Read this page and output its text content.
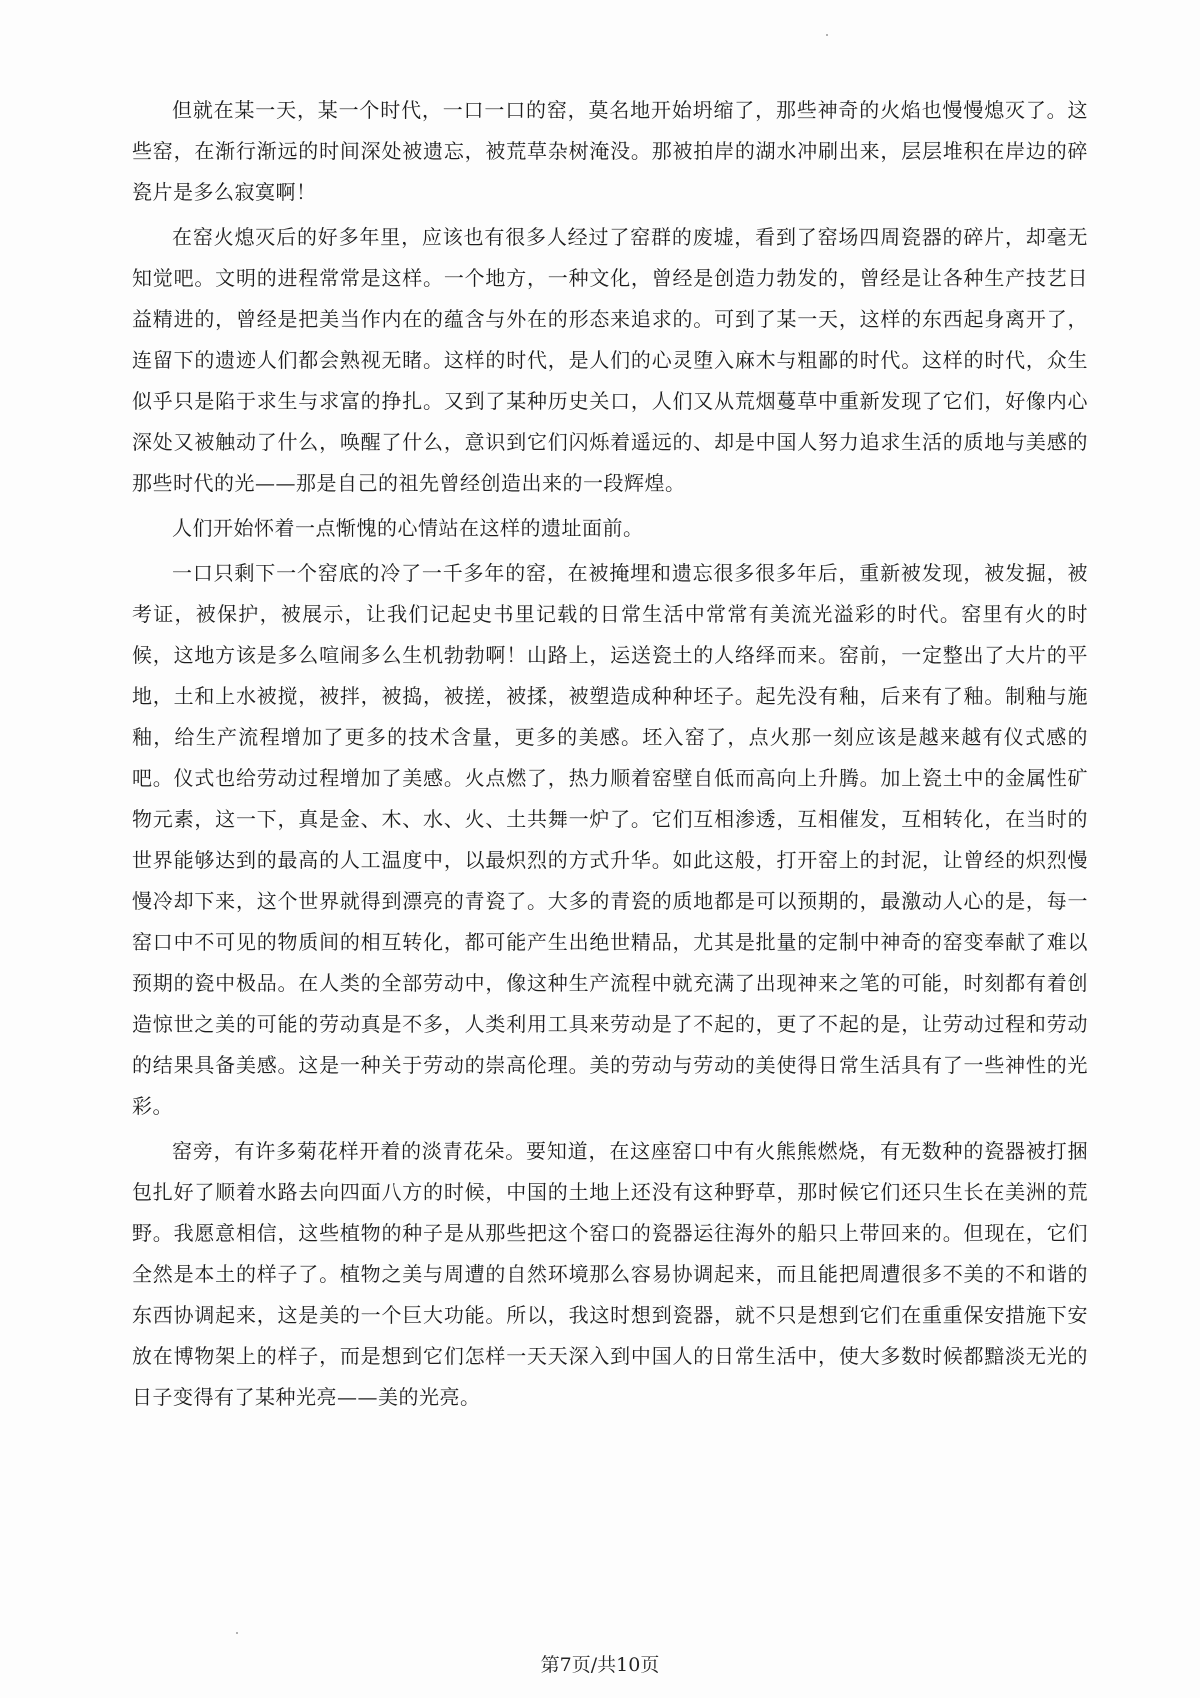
但就在某一天，某一个时代，一口一口的窑，莫名地开始坍缩了，那些神奇的火焰也慢慢熄灭了。这些窑，在渐行渐远的时间深处被遗忘，被荒草杂树淹没。那被拍岸的湖水冲刷出来，层层堆积在岸边的碎瓷片是多么寂寞啊！

在窑火熄灭后的好多年里，应该也有很多人经过了窑群的废墟，看到了窑场四周瓷器的碎片，却毫无知觉吧。文明的进程常常是这样。一个地方，一种文化，曾经是创造力勃发的，曾经是让各种生产技艺日益精进的，曾经是把美当作内在的蕴含与外在的形态来追求的。可到了某一天，这样的东西起身离开了，连留下的遗迹人们都会熟视无睹。这样的时代，是人们的心灵堕入麻木与粗鄙的时代。这样的时代，众生似乎只是陷于求生与求富的挣扎。又到了某种历史关口，人们又从荒烟蔓草中重新发现了它们，好像内心深处又被触动了什么，唤醒了什么，意识到它们闪烁着遥远的、却是中国人努力追求生活的质地与美感的那些时代的光——那是自己的祖先曾经创造出来的一段辉煌。

人们开始怀着一点惭愧的心情站在这样的遗址面前。

一口只剩下一个窑底的冷了一千多年的窑，在被掩埋和遗忘很多很多年后，重新被发现，被发掘，被考证，被保护，被展示，让我们记起史书里记载的日常生活中常常有美流光溢彩的时代。窑里有火的时候，这地方该是多么喧闹多么生机勃勃啊！山路上，运送瓷土的人络绎而来。窑前，一定整出了大片的平地，土和上水被搅，被拌，被捣，被搓，被揉，被塑造成种种坯子。起先没有釉，后来有了釉。制釉与施釉，给生产流程增加了更多的技术含量，更多的美感。坯入窑了，点火那一刻应该是越来越有仪式感的吧。仪式也给劳动过程增加了美感。火点燃了，热力顺着窑壁自低而高向上升腾。加上瓷土中的金属性矿物元素，这一下，真是金、木、水、火、土共舞一炉了。它们互相渗透，互相催发，互相转化，在当时的世界能够达到的最高的人工温度中，以最炽烈的方式升华。如此这般，打开窑上的封泥，让曾经的炽烈慢慢冷却下来，这个世界就得到漂亮的青瓷了。大多的青瓷的质地都是可以预期的，最激动人心的是，每一窑口中不可见的物质间的相互转化，都可能产生出绝世精品，尤其是批量的定制中神奇的窑变奉献了难以预期的瓷中极品。在人类的全部劳动中，像这种生产流程中就充满了出现神来之笔的可能，时刻都有着创造惊世之美的可能的劳动真是不多，人类利用工具来劳动是了不起的，更了不起的是，让劳动过程和劳动的结果具备美感。这是一种关于劳动的崇高伦理。美的劳动与劳动的美使得日常生活具有了一些神性的光彩。

窑旁，有许多菊花样开着的淡青花朵。要知道，在这座窑口中有火熊熊燃烧，有无数种的瓷器被打捆包扎好了顺着水路去向四面八方的时候，中国的土地上还没有这种野草，那时候它们还只生长在美洲的荒野。我愿意相信，这些植物的种子是从那些把这个窑口的瓷器运往海外的船只上带回来的。但现在，它们全然是本土的样子了。植物之美与周遭的自然环境那么容易协调起来，而且能把周遭很多不美的不和谐的东西协调起来，这是美的一个巨大功能。所以，我这时想到瓷器，就不只是想到它们在重重保安措施下安放在博物架上的样子，而是想到它们怎样一天天深入到中国人的日常生活中，使大多数时候都黯淡无光的日子变得有了某种光亮——美的光亮。

第7页/共10页
